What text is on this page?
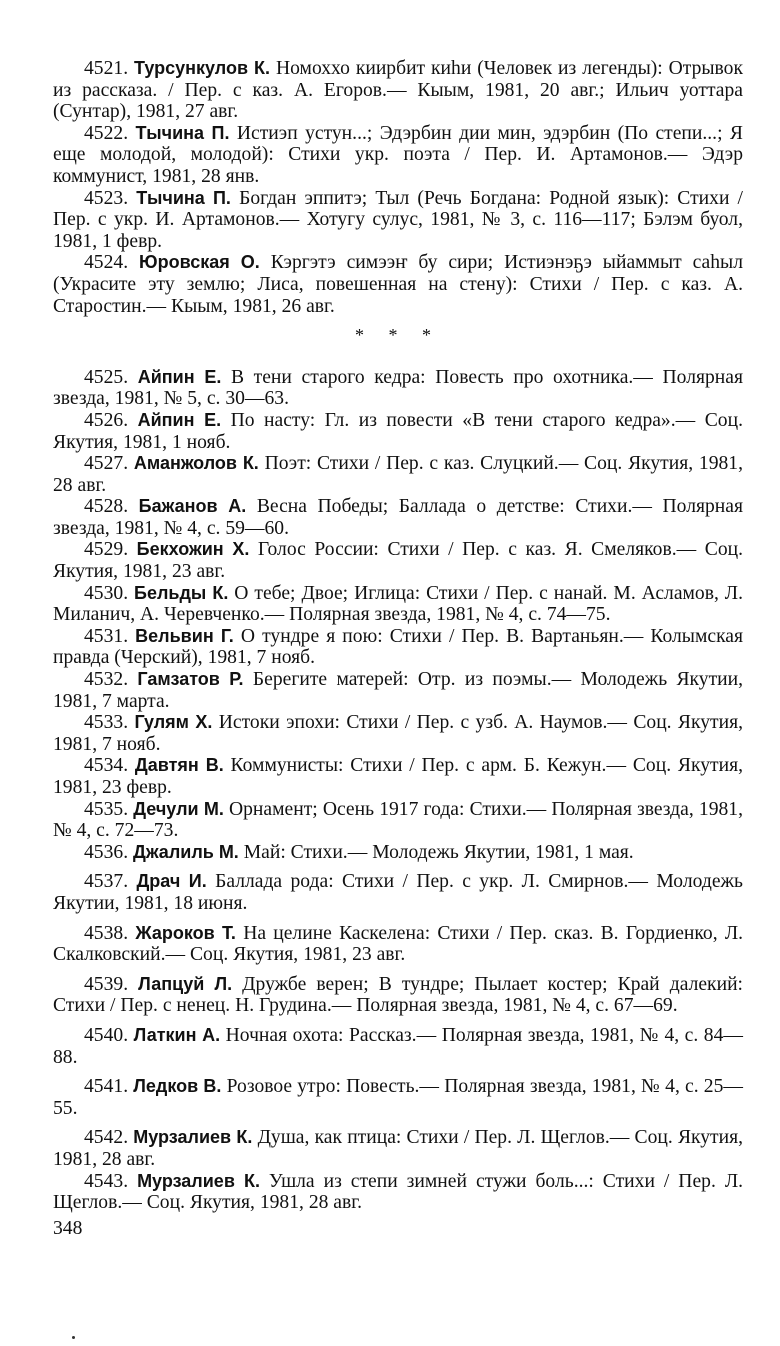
4521. Турсункулов К. Номоххо киирбит киhи (Человек из легенды): Отрывок из рассказа. / Пер. с каз. А. Егоров.— Кыым, 1981, 20 авг.; Ильич уоттара (Сунтар), 1981, 27 авг.

4522. Тычина П. Истиэп устун...; Эдэрбин дии мин, эдэрбин (По степи...; Я еще молодой, молодой): Стихи укр. поэта / Пер. И. Артамонов.— Эдэр коммунист, 1981, 28 янв.

4523. Тычина П. Богдан эппитэ; Тыл (Речь Богдана: Родной язык): Стихи / Пер. с укр. И. Артамонов.— Хотугу сулус, 1981, № 3, с. 116—117; Бэлэм буол, 1981, 1 февр.

4524. Юровская О. Кэргэтэ симээҥ бу сири; Истиэнэҕэ ыйаммыт саhыл (Украсите эту землю; Лиса, повешенная на стену): Стихи / Пер. с каз. А. Старостин.— Кыым, 1981, 26 авг.

* * *

4525. Айпин Е. В тени старого кедра: Повесть про охотника.— Полярная звезда, 1981, № 5, с. 30—63.

4526. Айпин Е. По насту: Гл. из повести «В тени старого кедра».— Соц. Якутия, 1981, 1 нояб.

4527. Аманжолов К. Поэт: Стихи / Пер. с каз. Слуцкий.— Соц. Якутия, 1981, 28 авг.

4528. Бажанов А. Весна Победы; Баллада о детстве: Стихи.— Полярная звезда, 1981, № 4, с. 59—60.

4529. Бекхожин Х. Голос России: Стихи / Пер. с каз. Я. Смеляков.— Соц. Якутия, 1981, 23 авг.

4530. Бельды К. О тебе; Двое; Иглица: Стихи / Пер. с нанай. М. Асламов, Л. Миланич, А. Черевченко.— Полярная звезда, 1981, № 4, с. 74—75.

4531. Вельвин Г. О тундре я пою: Стихи / Пер. В. Вартаньян.— Колымская правда (Черский), 1981, 7 нояб.

4532. Гамзатов Р. Берегите матерей: Отр. из поэмы.— Молодежь Якутии, 1981, 7 марта.

4533. Гулям Х. Истоки эпохи: Стихи / Пер. с узб. А. Наумов.— Соц. Якутия, 1981, 7 нояб.

4534. Давтян В. Коммунисты: Стихи / Пер. с арм. Б. Кежун.— Соц. Якутия, 1981, 23 февр.

4535. Дечули М. Орнамент; Осень 1917 года: Стихи.— Полярная звезда, 1981, № 4, с. 72—73.

4536. Джалиль М. Май: Стихи.— Молодежь Якутии, 1981, 1 мая.

4537. Драч И. Баллада рода: Стихи / Пер. с укр. Л. Смирнов.— Молодежь Якутии, 1981, 18 июня.

4538. Жароков Т. На целине Каскелена: Стихи / Пер. сказ. В. Гордиенко, Л. Скалковский.— Соц. Якутия, 1981, 23 авг.

4539. Лапцуй Л. Дружбе верен; В тундре; Пылает костер; Край далекий: Стихи / Пер. с ненец. Н. Грудина.— Полярная звезда, 1981, № 4, с. 67—69.

4540. Латкин А. Ночная охота: Рассказ.— Полярная звезда, 1981, № 4, с. 84—88.

4541. Ледков В. Розовое утро: Повесть.— Полярная звезда, 1981, № 4, с. 25—55.

4542. Мурзалиев К. Душа, как птица: Стихи / Пер. Л. Щеглов.— Соц. Якутия, 1981, 28 авг.

4543. Мурзалиев К. Ушла из степи зимней стужи боль...: Стихи / Пер. Л. Щеглов.— Соц. Якутия, 1981, 28 авг.

348
